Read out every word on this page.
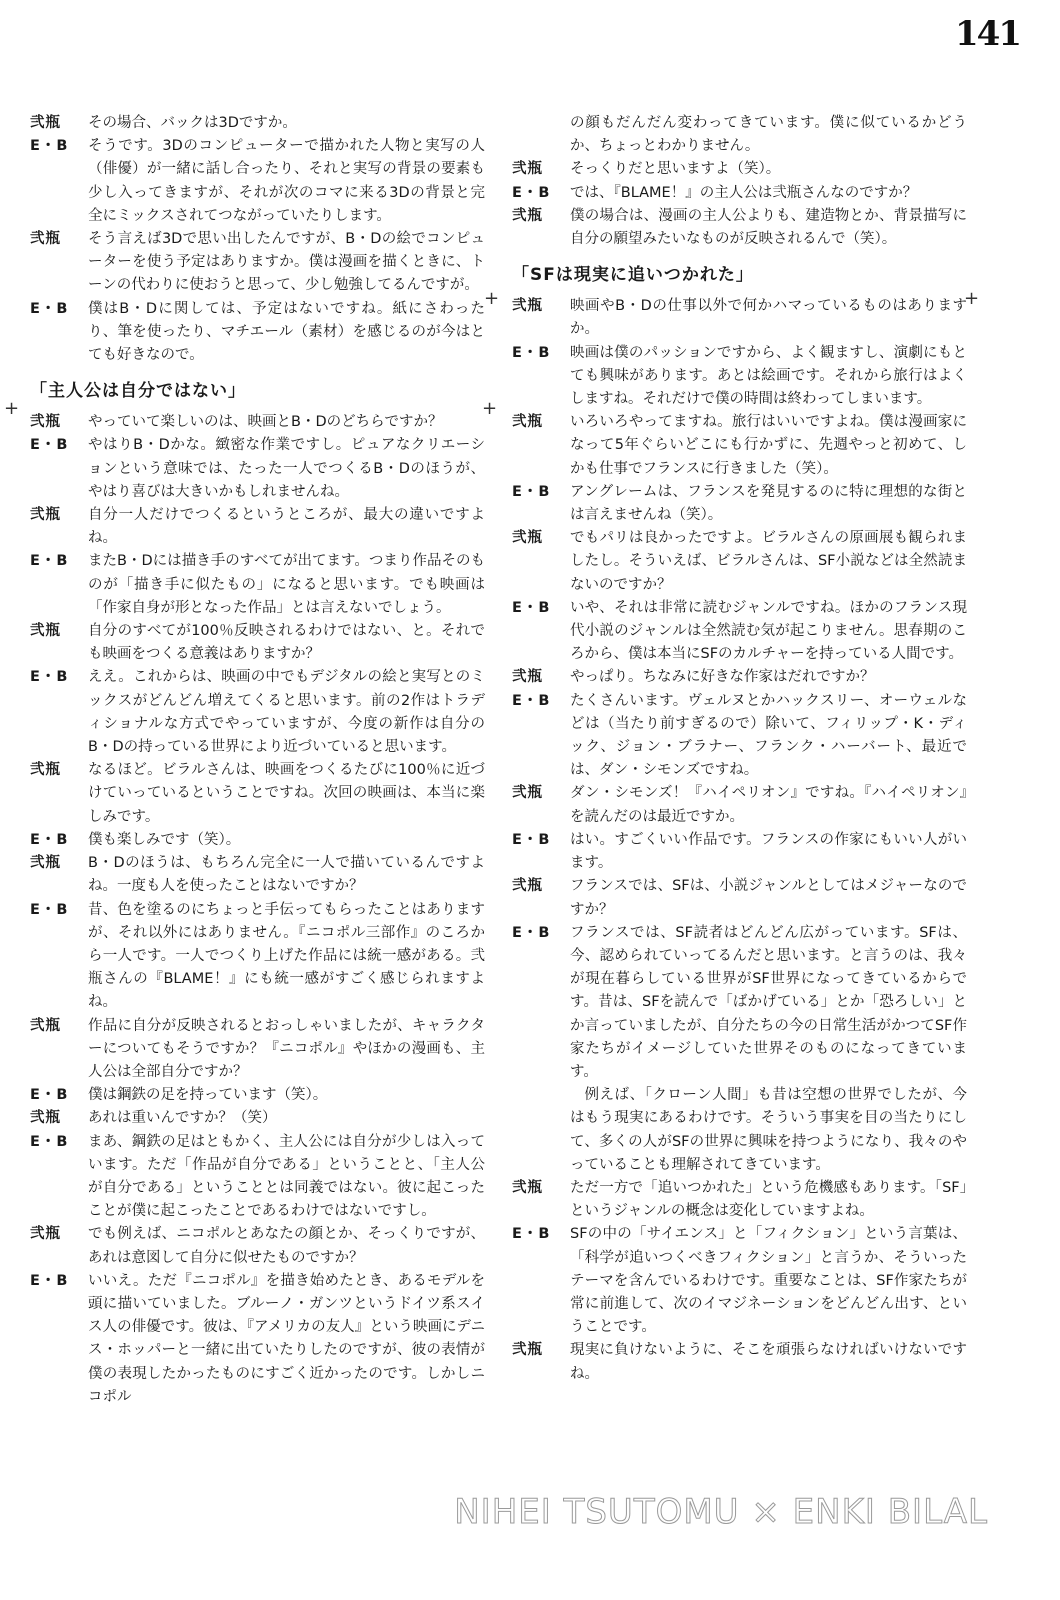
141
+	+
+	+
弐瓶	その場合、バックは3Dですか。
E・B	そうです。3Dのコンピューターで描かれた人物と実写の人（俳優）が一緒に話し合ったり、それと実写の背景の要素も少し入ってきますが、それが次のコマに来る3Dの背景と完全にミックスされてつながっていたりします。
弐瓶	そう言えば3Dで思い出したんですが、B・Dの絵でコンピューターを使う予定はありますか。僕は漫画を描くときに、トーンの代わりに使おうと思って、少し勉強してるんですが。
E・B	僕はB・Dに関しては、予定はないですね。紙にさわったり、筆を使ったり、マチエール（素材）を感じるのが今はとても好きなので。
「主人公は自分ではない」
弐瓶	やっていて楽しいのは、映画とB・Dのどちらですか？
E・B	やはりB・Dかな。緻密な作業ですし。ピュアなクリエーションという意味では、たった一人でつくるB・Dのほうが、やはり喜びは大きいかもしれませんね。
弐瓶	自分一人だけでつくるというところが、最大の違いですよね。
E・B	またB・Dには描き手のすべてが出てます。つまり作品そのものが「描き手に似たもの」になると思います。でも映画は「作家自身が形となった作品」とは言えないでしょう。
弐瓶	自分のすべてが100％反映されるわけではない、と。それでも映画をつくる意義はありますか？
E・B	ええ。これからは、映画の中でもデジタルの絵と実写とのミックスがどんどん増えてくると思います。前の2作はトラディショナルな方式でやっていますが、今度の新作は自分のB・Dの持っている世界により近づいていると思います。
弐瓶	なるほど。ビラルさんは、映画をつくるたびに100％に近づけていっているということですね。次回の映画は、本当に楽しみです。
E・B	僕も楽しみです（笑）。
弐瓶	B・Dのほうは、もちろん完全に一人で描いているんですよね。一度も人を使ったことはないですか？
E・B	昔、色を塗るのにちょっと手伝ってもらったことはありますが、それ以外にはありません。『ニコポル三部作』のころから一人です。一人でつくり上げた作品には統一感がある。弐瓶さんの『BLAME！』にも統一感がすごく感じられますよね。
弐瓶	作品に自分が反映されるとおっしゃいましたが、キャラクターについてもそうですか？『ニコポル』やほかの漫画も、主人公は全部自分ですか？
E・B	僕は鋼鉄の足を持っています（笑）。
弐瓶	あれは重いんですか？（笑）
E・B	まあ、鋼鉄の足はともかく、主人公には自分が少しは入っています。ただ「作品が自分である」ということと、「主人公が自分である」ということとは同義ではない。彼に起こったことが僕に起こったことであるわけではないですし。
弐瓶	でも例えば、ニコポルとあなたの顔とか、そっくりですが、あれは意図して自分に似せたものですか？
E・B	いいえ。ただ『ニコポル』を描き始めたとき、あるモデルを頭に描いていました。ブルーノ・ガンツというドイツ系スイス人の俳優です。彼は、『アメリカの友人』という映画にデニス・ホッパーと一緒に出ていたりしたのですが、彼の表情が僕の表現したかったものにすごく近かったのです。しかしニコポル
の顔もだんだん変わってきています。僕に似ているかどうか、ちょっとわかりません。
弐瓶	そっくりだと思いますよ（笑）。
E・B	では、『BLAME！』の主人公は弐瓶さんなのですか？
弐瓶	僕の場合は、漫画の主人公よりも、建造物とか、背景描写に自分の願望みたいなものが反映されるんで（笑）。
「SFは現実に追いつかれた」
弐瓶	映画やB・Dの仕事以外で何かハマっているものはありますか。
E・B	映画は僕のパッションですから、よく観ますし、演劇にもとても興味があります。あとは絵画です。それから旅行はよくしますね。それだけで僕の時間は終わってしまいます。
弐瓶	いろいろやってますね。旅行はいいですよね。僕は漫画家になって5年ぐらいどこにも行かずに、先週やっと初めて、しかも仕事でフランスに行きました（笑）。
E・B	アングレームは、フランスを発見するのに特に理想的な街とは言えませんね（笑）。
弐瓶	でもパリは良かったですよ。ビラルさんの原画展も観られましたし。そういえば、ビラルさんは、SF小説などは全然読まないのですか？
E・B	いや、それは非常に読むジャンルですね。ほかのフランス現代小説のジャンルは全然読む気が起こりません。思春期のころから、僕は本当にSFのカルチャーを持っている人間です。
弐瓶	やっぱり。ちなみに好きな作家はだれですか？
E・B	たくさんいます。ヴェルヌとかハックスリー、オーウェルなどは（当たり前すぎるので）除いて、フィリップ・K・ディック、ジョン・ブラナー、フランク・ハーバート、最近では、ダン・シモンズですね。
弐瓶	ダン・シモンズ！『ハイペリオン』ですね。『ハイペリオン』を読んだのは最近ですか。
E・B	はい。すごくいい作品です。フランスの作家にもいい人がいます。
弐瓶	フランスでは、SFは、小説ジャンルとしてはメジャーなのですか？
E・B	フランスでは、SF読者はどんどん広がっています。SFは、今、認められていってるんだと思います。と言うのは、我々が現在暮らしている世界がSF世界になってきているからです。昔は、SFを読んで「ばかげている」とか「恐ろしい」とか言っていましたが、自分たちの今の日常生活がかつてSF作家たちがイメージしていた世界そのものになってきています。
例えば、「クローン人間」も昔は空想の世界でしたが、今はもう現実にあるわけです。そういう事実を目の当たりにして、多くの人がSFの世界に興味を持つようになり、我々のやっていることも理解されてきています。
弐瓶	ただ一方で「追いつかれた」という危機感もあります。「SF」というジャンルの概念は変化していますよね。
E・B	SFの中の「サイエンス」と「フィクション」という言葉は、「科学が追いつくべきフィクション」と言うか、そういったテーマを含んでいるわけです。重要なことは、SF作家たちが常に前進して、次のイマジネーションをどんどん出す、ということです。
弐瓶	現実に負けないように、そこを頑張らなければいけないですね。
NIHEI TSUTOMU × ENKI BILAL
